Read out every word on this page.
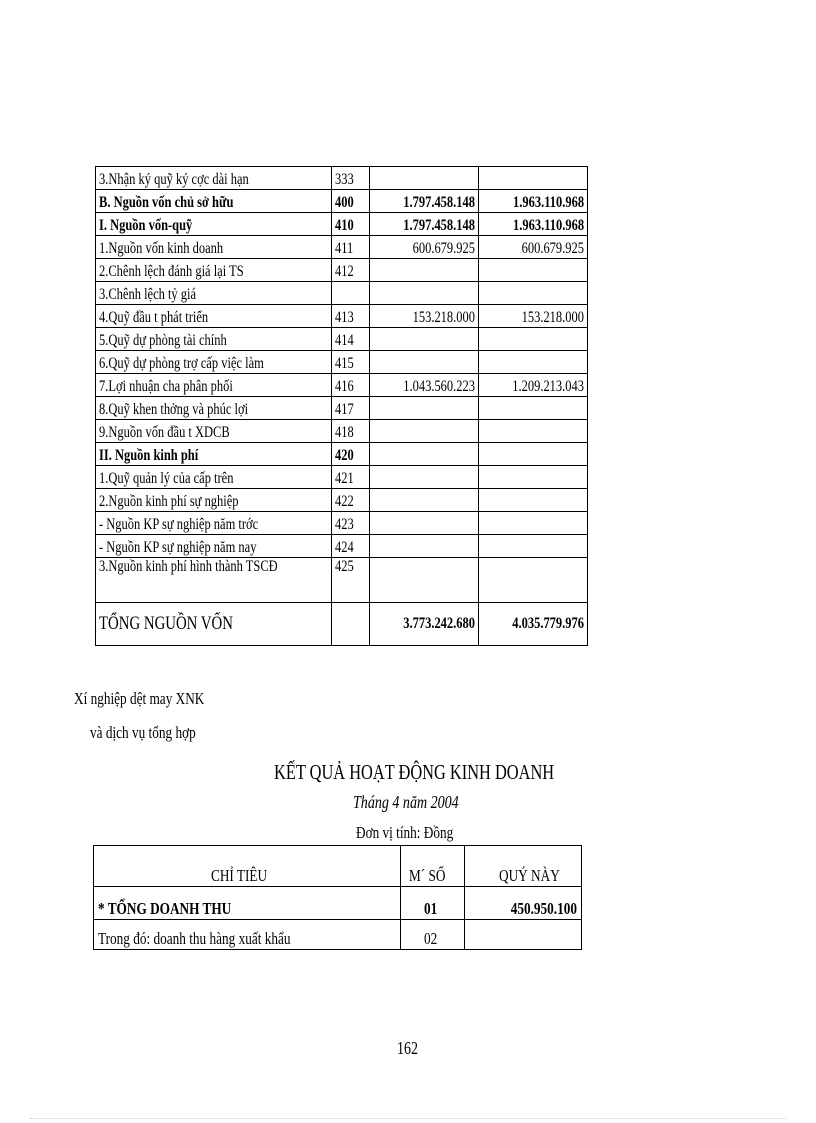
3.Nhận ký quỹ ký cợc dài hạn	333	

B. Nguồn vốn chủ sở hữu	400	1.797.458.148	1.963.110.968

I. Nguồn vốn-quỹ	410	1.797.458.148	1.963.110.968

1.Nguồn vốn kinh doanh	411	600.679.925	600.679.925

2.Chênh lệch đánh giá lại TS	412	

3.Chênh lệch tỷ giá		

4.Quỹ đầu t phát triển	413	153.218.000	153.218.000

5.Quỹ dự phòng tài chính	414	

6.Quỹ dự phòng trợ cấp việc làm	415	

7.Lợi nhuận cha phân phối	416	1.043.560.223	1.209.213.043

8.Quỹ khen thởng và phúc lợi	417	

9.Nguồn vốn đầu t XDCB	418	

II. Nguồn kinh phí	420	

1.Quỹ quản lý của cấp trên	421	

2.Nguồn kinh phí sự nghiệp	422	

- Nguồn KP sự nghiệp năm trớc	423	

- Nguồn KP sự nghiệp năm nay	424	

3.Nguồn kinh phí hình thành TSCĐ	425	

TỔNG NGUỒN VỐN		3.773.242.680	4.035.779.976
Xí nghiệp dệt may XNK
và dịch vụ tổng hợp
KẾT QUẢ HOẠT ĐỘNG KINH DOANH
Tháng 4 năm 2004
Đơn vị tính: Đồng
CHỈ TIÊU	M´ SỐ	QUÝ NÀY

* TỔNG DOANH THU	01	450.950.100

Trong đó: doanh thu hàng xuất khẩu	02	
162
